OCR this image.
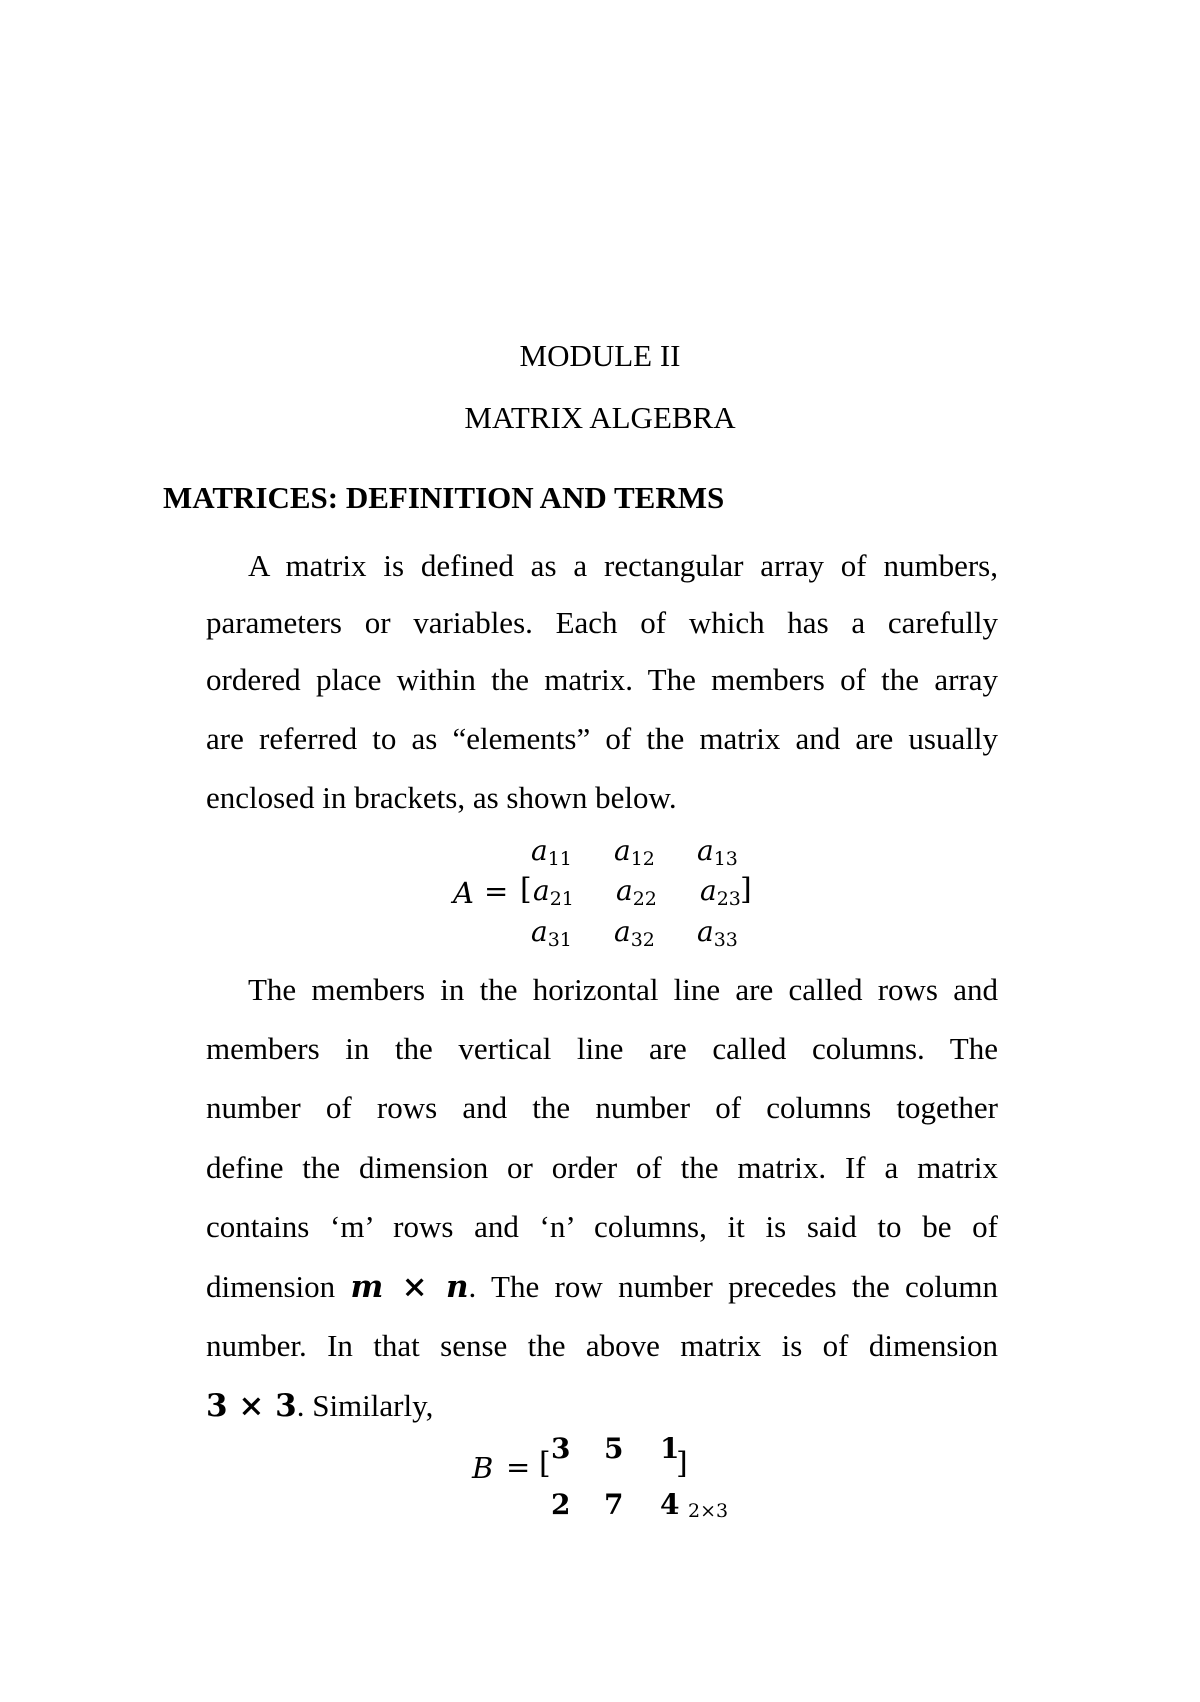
MODULE II
MATRIX ALGEBRA
MATRICES: DEFINITION AND TERMS
A matrix is defined as a rectangular array of numbers,
parameters or variables. Each of which has a carefully
ordered place within the matrix. The members of the array
are referred to as “elements” of the matrix and are usually
enclosed in brackets, as shown below.
A = [	]
$a_{11}$ $a_{12}$ $a_{13}$
$a_{21}$ $a_{22}$ $a_{23}$
$a_{31}$ $a_{32}$ $a_{33}$
The members in the horizontal line are called rows and
members in the vertical line are called columns. The
number of rows and the number of columns together
define the dimension or order of the matrix. If a matrix
contains ‘m’ rows and ‘n’ columns, it is said to be of
dimension m × n. The row number precedes the column
number. In that sense the above matrix is of dimension
3 × 3. Similarly,
B = [	]
3 5 1
2 7 4 2×3
